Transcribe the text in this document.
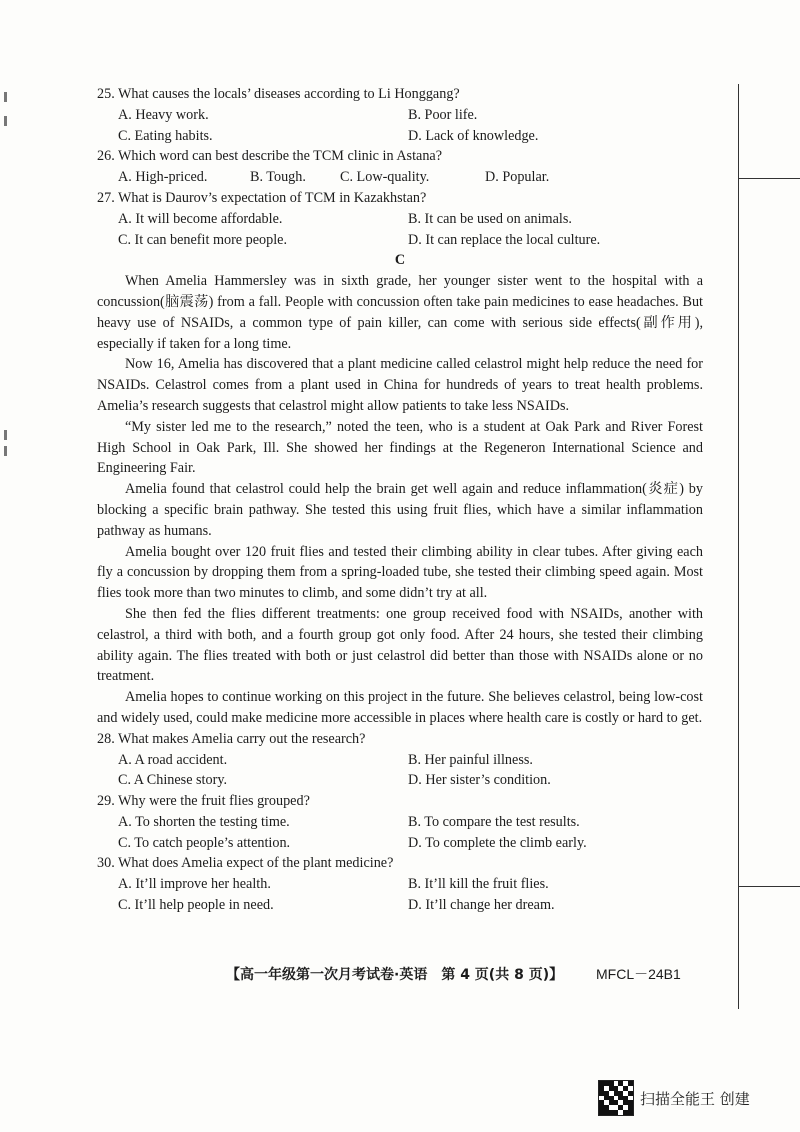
25. What causes the locals’ diseases according to Li Honggang?

A. Heavy work.	B. Poor life.

C. Eating habits.	D. Lack of knowledge.

26. Which word can best describe the TCM clinic in Astana?

A. High-priced.	B. Tough.	C. Low-quality.	D. Popular.

27. What is Daurov’s expectation of TCM in Kazakhstan?

A. It will become affordable.	B. It can be used on animals.

C. It can benefit more people.	D. It can replace the local culture.

C

When Amelia Hammersley was in sixth grade, her younger sister went to the hospital with a concussion(脑震荡) from a fall. People with concussion often take pain medicines to ease headaches. But heavy use of NSAIDs, a common type of pain killer, can come with serious side effects(副作用), especially if taken for a long time.

Now 16, Amelia has discovered that a plant medicine called celastrol might help reduce the need for NSAIDs. Celastrol comes from a plant used in China for hundreds of years to treat health problems. Amelia’s research suggests that celastrol might allow patients to take less NSAIDs.

“My sister led me to the research,” noted the teen, who is a student at Oak Park and River Forest High School in Oak Park, Ill. She showed her findings at the Regeneron International Science and Engineering Fair.

Amelia found that celastrol could help the brain get well again and reduce inflammation(炎症) by blocking a specific brain pathway. She tested this using fruit flies, which have a similar inflammation pathway as humans.

Amelia bought over 120 fruit flies and tested their climbing ability in clear tubes. After giving each fly a concussion by dropping them from a spring-loaded tube, she tested their climbing speed again. Most flies took more than two minutes to climb, and some didn’t try at all.

She then fed the flies different treatments: one group received food with NSAIDs, another with celastrol, a third with both, and a fourth group got only food. After 24 hours, she tested their climbing ability again. The flies treated with both or just celastrol did better than those with NSAIDs alone or no treatment.

Amelia hopes to continue working on this project in the future. She believes celastrol, being low-cost and widely used, could make medicine more accessible in places where health care is costly or hard to get.

28. What makes Amelia carry out the research?

A. A road accident.	B. Her painful illness.

C. A Chinese story.	D. Her sister’s condition.

29. Why were the fruit flies grouped?

A. To shorten the testing time.	B. To compare the test results.

C. To catch people’s attention.	D. To complete the climb early.

30. What does Amelia expect of the plant medicine?

A. It’ll improve her health.	B. It’ll kill the fruit flies.

C. It’ll help people in need.	D. It’ll change her dream.

【高一年级第一次月考试卷·英语　第 4 页(共 8 页)】 MFCL－24B1
扫描全能王 创建
